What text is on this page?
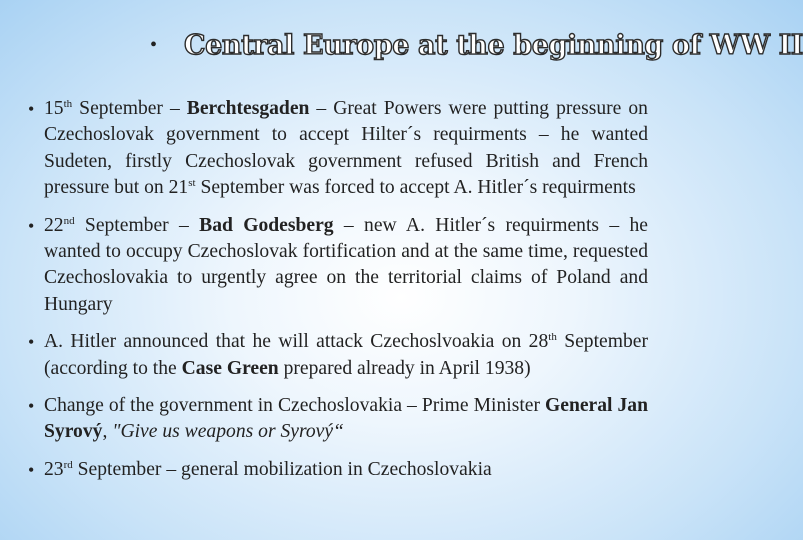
• Central Europe at the beginning of WW II
• 15th September – Berchtesgaden – Great Powers were putting pressure on Czechoslovak government to accept Hilter´s requirments – he wanted Sudeten, firstly Czechoslovak government refused British and French pressure but on 21st September was forced to accept A. Hitler´s requirments
• 22nd September – Bad Godesberg – new A. Hitler´s requirments – he wanted to occupy Czechoslovak fortification and at the same time, requested Czechoslovakia to urgently agree on the territorial claims of Poland and Hungary
• A. Hitler announced that he will attack Czechoslvoakia on 28th September (according to the Case Green prepared already in April 1938)
• Change of the government in Czechoslovakia – Prime Minister General Jan Syrový, "Give us weapons or Syrový“
• 23rd September – general mobilization in Czechoslovakia
